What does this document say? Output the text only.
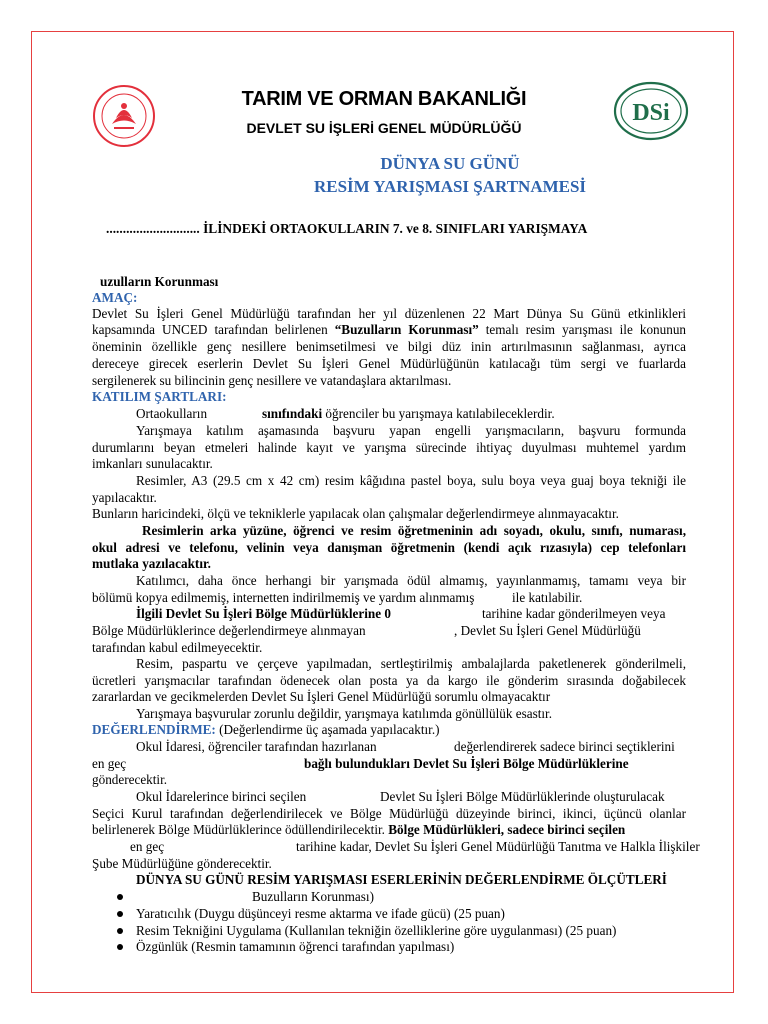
DSi
TARIM VE ORMAN BAKANLIĞI
DEVLET SU İŞLERİ GENEL MÜDÜRLÜĞÜ
DÜNYA SU GÜNÜ
RESİM YARIŞMASI ŞARTNAMESİ
............................ İLİNDEKİ ORTAOKULLARIN 7. ve 8. SINIFLARI YARIŞMAYA
uzulların Korunması
AMAÇ:
Devlet Su İşleri Genel Müdürlüğü tarafından her yıl düzenlenen 22 Mart Dünya Su Günü etkinlikleri
kapsamında UNCED tarafından belirlenen “Buzulların Korunması” temalı resim yarışması ile konunun
öneminin özellikle genç nesillere benimsetilmesi ve bilgi düz inin artırılmasının sağlanması, ayrıca
dereceye girecek eserlerin Devlet Su İşleri Genel Müdürlüğünün katılacağı tüm sergi ve fuarlarda
sergilenerek su bilincinin genç nesillere ve vatandaşlara aktarılması.
KATILIM ŞARTLARI:
Ortaokulların	sınıfındaki öğrenciler bu yarışmaya katılabileceklerdir.
Yarışmaya katılım aşamasında başvuru yapan engelli yarışmacıların, başvuru formunda
durumlarını beyan etmeleri halinde kayıt ve yarışma sürecinde ihtiyaç duyulması muhtemel yardım
imkanları sunulacaktır.
Resimler, A3 (29.5 cm x 42 cm) resim kâğıdına pastel boya, sulu boya veya guaj boya tekniği ile
yapılacaktır.
Bunların haricindeki, ölçü ve tekniklerle yapılacak olan çalışmalar değerlendirmeye alınmayacaktır.
Resimlerin arka yüzüne, öğrenci ve resim öğretmeninin adı soyadı, okulu, sınıfı, numarası,
okul adresi ve telefonu, velinin veya danışman öğretmenin (kendi açık rızasıyla) cep telefonları
mutlaka yazılacaktır.
Katılımcı, daha önce herhangi bir yarışmada ödül almamış, yayınlanmamış, tamamı veya bir
bölümü kopya edilmemiş, internetten indirilmemiş ve yardım alınmamış	ile katılabilir.
İlgili Devlet Su İşleri Bölge Müdürlüklerine 0	tarihine kadar gönderilmeyen veya
Bölge Müdürlüklerince değerlendirmeye alınmayan	, Devlet Su İşleri Genel Müdürlüğü
tarafından kabul edilmeyecektir.
Resim, paspartu ve çerçeve yapılmadan, sertleştirilmiş ambalajlarda paketlenerek gönderilmeli,
ücretleri yarışmacılar tarafından ödenecek olan posta ya da kargo ile gönderim sırasında doğabilecek
zararlardan ve gecikmelerden Devlet Su İşleri Genel Müdürlüğü sorumlu olmayacaktır
Yarışmaya başvurular zorunlu değildir, yarışmaya katılımda gönüllülük esastır.
DEĞERLENDİRME: (Değerlendirme üç aşamada yapılacaktır.)
Okul İdaresi, öğrenciler tarafından hazırlanan	değerlendirerek sadece birinci seçtiklerini
en geç	bağlı bulundukları Devlet Su İşleri Bölge Müdürlüklerine
gönderecektir.
Okul İdarelerince birinci seçilen	Devlet Su İşleri Bölge Müdürlüklerinde oluşturulacak
Seçici Kurul tarafından değerlendirilecek ve Bölge Müdürlüğü düzeyinde birinci, ikinci, üçüncü olanlar
belirlenerek Bölge Müdürlüklerince ödüllendirilecektir. Bölge Müdürlükleri, sadece birinci seçilen
en geç	tarihine kadar, Devlet Su İşleri Genel Müdürlüğü Tanıtma ve Halkla İlişkiler
Şube Müdürlüğüne gönderecektir.
DÜNYA SU GÜNÜ RESİM YARIŞMASI ESERLERİNİN DEĞERLENDİRME ÖLÇÜTLERİ
Buzulların Korunması)
Yaratıcılık (Duygu düşünceyi resme aktarma ve ifade gücü) (25 puan)
Resim Tekniğini Uygulama (Kullanılan tekniğin özelliklerine göre uygulanması) (25 puan)
Özgünlük (Resmin tamamının öğrenci tarafından yapılması)
